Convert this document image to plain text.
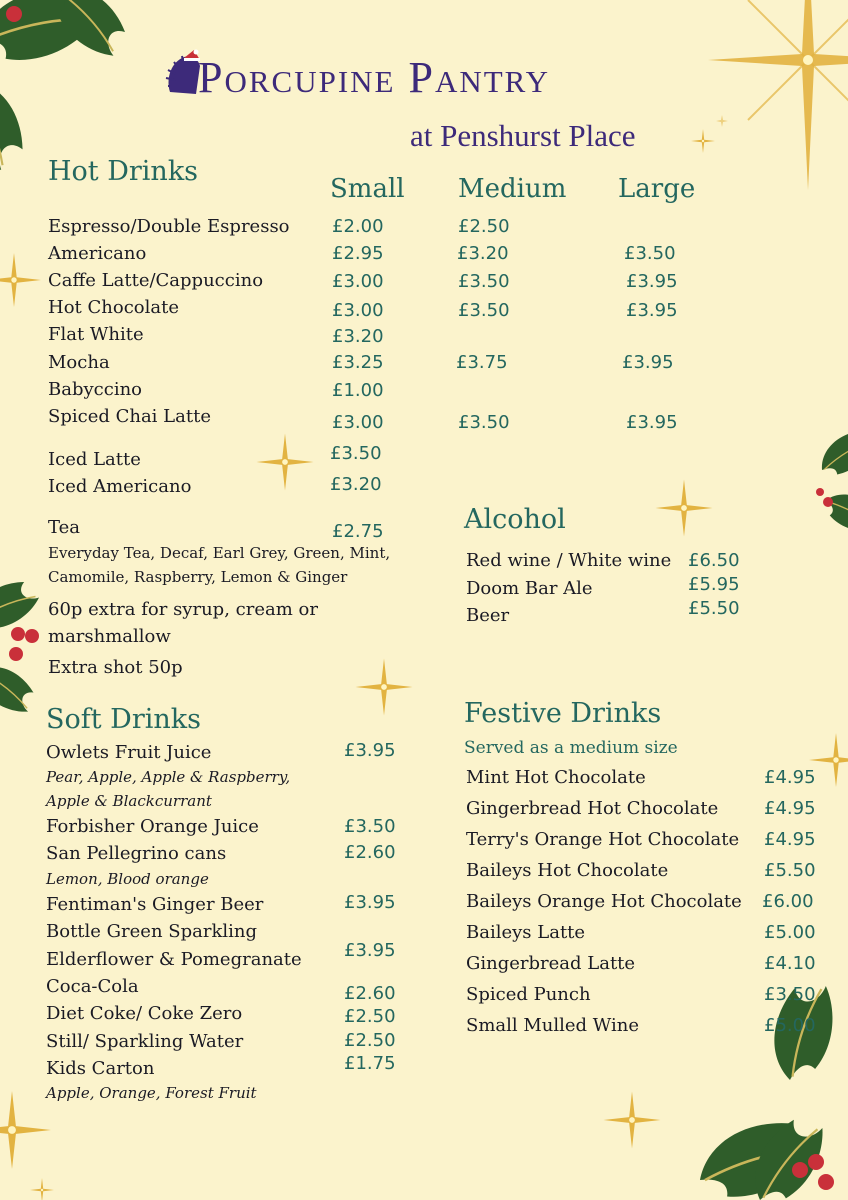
Porcupine Pantry
at Penshurst Place
Hot Drinks
Small Medium Large
Espresso/Double Espresso £2.00	£2.50
Americano	£2.95	£3.20	£3.50
Caffe Latte/Cappuccino	£3.00	£3.50	£3.95
Hot Chocolate	£3.00	£3.50	£3.95
Flat White	£3.20
Mocha	£3.25	£3.75	£3.95
Babyccino	£1.00
Spiced Chai Latte	£3.00	£3.50	£3.95
Iced Latte	£3.50
Iced Americano	£3.20
Tea	£2.75
Everyday Tea, Decaf, Earl Grey, Green, Mint,
Camomile, Raspberry, Lemon & Ginger
60p extra for syrup, cream or
marshmallow
Extra shot 50p
Alcohol
Red wine / White wine £6.50
Doom Bar Ale	£5.95
Beer	£5.50
Soft Drinks
Owlets Fruit Juice	£3.95
Pear, Apple, Apple & Raspberry,
Apple & Blackcurrant
Forbisher Orange Juice	£3.50
San Pellegrino cans	£2.60
Lemon, Blood orange
Fentiman's Ginger Beer	£3.95
Bottle Green Sparkling
Elderflower & Pomegranate £3.95
Coca-Cola	£2.60
Diet Coke/ Coke Zero	£2.50
Still/ Sparkling Water	£2.50
Kids Carton	£1.75
Apple, Orange, Forest Fruit
Festive Drinks
Served as a medium size
Mint Hot Chocolate	£4.95
Gingerbread Hot Chocolate	£4.95
Terry's Orange Hot Chocolate £4.95
Baileys Hot Chocolate	£5.50
Baileys Orange Hot Chocolate £6.00
Baileys Latte	£5.00
Gingerbread Latte	£4.10
Spiced Punch	£3.50
Small Mulled Wine	£5.00
